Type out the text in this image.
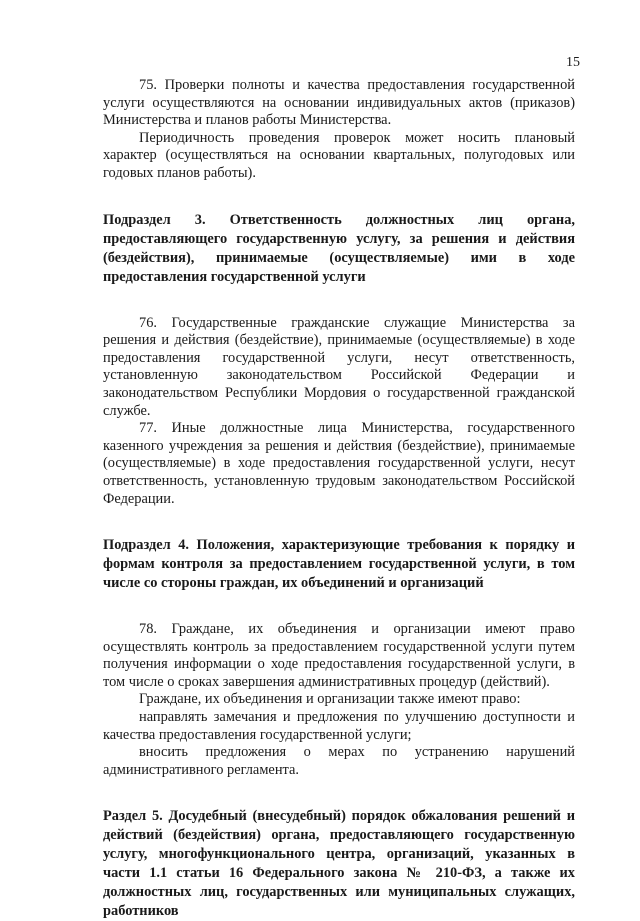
15

75. Проверки полноты и качества предоставления государственной услуги осуществляются на основании индивидуальных актов (приказов) Министерства и планов работы Министерства.

Периодичность проведения проверок может носить плановый характер (осуществляться на основании квартальных, полугодовых или годовых планов работы).

Подраздел 3. Ответственность должностных лиц органа, предоставляющего государственную услугу, за решения и действия (бездействия), принимаемые (осуществляемые) ими в ходе предоставления государственной услуги

76. Государственные гражданские служащие Министерства за решения и действия (бездействие), принимаемые (осуществляемые) в ходе предоставления государственной услуги, несут ответственность, установленную законодательством Российской Федерации и законодательством Республики Мордовия о государственной гражданской службе.

77. Иные должностные лица Министерства, государственного казенного учреждения за решения и действия (бездействие), принимаемые (осуществляемые) в ходе предоставления государственной услуги, несут ответственность, установленную трудовым законодательством Российской Федерации.

Подраздел 4. Положения, характеризующие требования к порядку и формам контроля за предоставлением государственной услуги, в том числе со стороны граждан, их объединений и организаций

78. Граждане, их объединения и организации имеют право осуществлять контроль за предоставлением государственной услуги путем получения информации о ходе предоставления государственной услуги, в том числе о сроках завершения административных процедур (действий).

Граждане, их объединения и организации также имеют право:

направлять замечания и предложения по улучшению доступности и качества предоставления государственной услуги;

вносить предложения о мерах по устранению нарушений административного регламента.

Раздел 5. Досудебный (внесудебный) порядок обжалования решений и действий (бездействия) органа, предоставляющего государственную услугу, многофункционального центра, организаций, указанных в части 1.1 статьи 16 Федерального закона № 210-ФЗ, а также их должностных лиц, государственных или муниципальных служащих, работников
